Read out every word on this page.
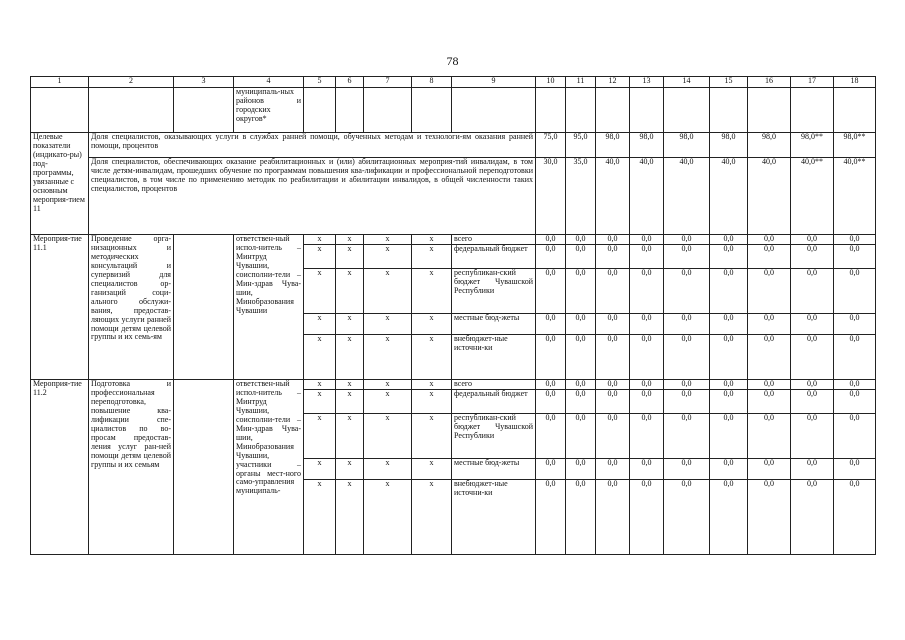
78
1	2	3	4	5	6	7	8	9	10	11	12	13	14	15	16	17	18
			муниципаль-ных районов и городских округов*														
Целевые показатели (индикато-ры) под-программы, увязанные с основным мероприя-тием 11	Доля специалистов, оказывающих услуги в службах ранней помощи, обученных методам и технологи-ям оказания ранней помощи, процентов								75,0	95,0	98,0	98,0	98,0	98,0	98,0	98,0**	98,0**
	Доля специалистов, обеспечивающих оказание реабилитационных и (или) абилитационных мероприя-тий инвалидам, в том числе детям-инвалидам, прошедших обучение по программам повышения ква-лификации и профессиональной переподготовки специалистов, в том числе по применению методик по реабилитации и абилитации инвалидов, в общей численности таких специалистов, процентов								30,0	35,0	40,0	40,0	40,0	40,0	40,0	40,0**	40,0**
Мероприя-тие 11.1	Проведение орга-низационных и методических консультаций и супервизий для специалистов ор-ганизаций соци-ального обслужи-вания, предостав-ляющих услуги ранней помощи детям целевой группы и их семь-ям		ответствен-ный испол-нитель – Минтруд Чувашии, соисполни-тели – Мин-здрав Чува-шии, Минобразования Чувашии	x	x	x	x	всего	0,0	0,0	0,0	0,0	0,0	0,0	0,0	0,0	0,0
				x	x	x	x	федеральный бюджет	0,0	0,0	0,0	0,0	0,0	0,0	0,0	0,0	0,0
				x	x	x	x	республикан-ский бюджет Чувашской Республики	0,0	0,0	0,0	0,0	0,0	0,0	0,0	0,0	0,0
				x	x	x	x	местные бюд-жеты	0,0	0,0	0,0	0,0	0,0	0,0	0,0	0,0	0,0
				x	x	x	x	внебюджет-ные источни-ки	0,0	0,0	0,0	0,0	0,0	0,0	0,0	0,0	0,0
Мероприя-тие 11.2	Подготовка и профессиональная переподготовка, повышение ква-лификации спе-циалистов по во-просам предостав-ления услуг ран-ней помощи детям целевой группы и их семьям		ответствен-ный испол-нитель – Минтруд Чувашии, соисполни-тели – Мин-здрав Чува-шии, Минобразования Чувашии, участники – органы мест-ного само-управления муниципаль-	x	x	x	x	всего	0,0	0,0	0,0	0,0	0,0	0,0	0,0	0,0	0,0
				x	x	x	x	федеральный бюджет	0,0	0,0	0,0	0,0	0,0	0,0	0,0	0,0	0,0
				x	x	x	x	республикан-ский бюджет Чувашской Республики	0,0	0,0	0,0	0,0	0,0	0,0	0,0	0,0	0,0
				x	x	x	x	местные бюд-жеты	0,0	0,0	0,0	0,0	0,0	0,0	0,0	0,0	0,0
				x	x	x	x	внебюджет-ные источни-ки	0,0	0,0	0,0	0,0	0,0	0,0	0,0	0,0	0,0
